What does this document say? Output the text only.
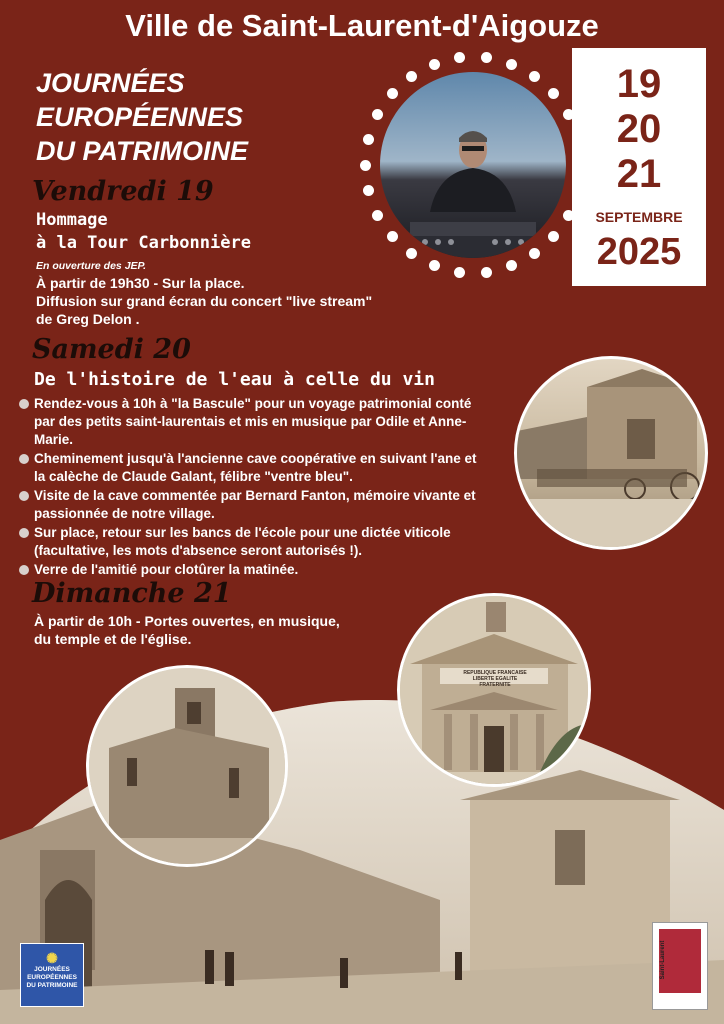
Ville de Saint-Laurent-d'Aigouze
JOURNÉES
EUROPÉENNES
DU PATRIMOINE
19
20
21
SEPTEMBRE
2025
Vendredi 19
Hommage
à la Tour Carbonnière
En ouverture des JEP.
À partir de 19h30 - Sur la place.
Diffusion sur grand écran du concert "live stream"
de Greg Delon .
Samedi 20
De l'histoire de l'eau à celle du vin
Rendez-vous à 10h à "la Bascule" pour un voyage patrimonial conté par des petits saint-laurentais et mis en musique par Odile et Anne-Marie.
Cheminement jusqu'à l'ancienne cave coopérative en suivant l'ane et la calèche de Claude Galant, félibre "ventre bleu".
Visite de la cave commentée par Bernard Fanton, mémoire vivante et passionnée de notre village.
Sur place, retour sur les bancs de l'école pour une dictée viticole (facultative, les mots d'absence seront autorisés !).
Verre de l'amitié pour clotûrer la matinée.
Dimanche 21
À partir de 10h - Portes ouvertes, en musique,
du temple et de l'église.
REPUBLIQUE FRANCAISE
LIBERTE EGALITE FRATERNITE
✺
JOURNÉES
EUROPÉENNES
DU PATRIMOINE
Saint-Laurent
